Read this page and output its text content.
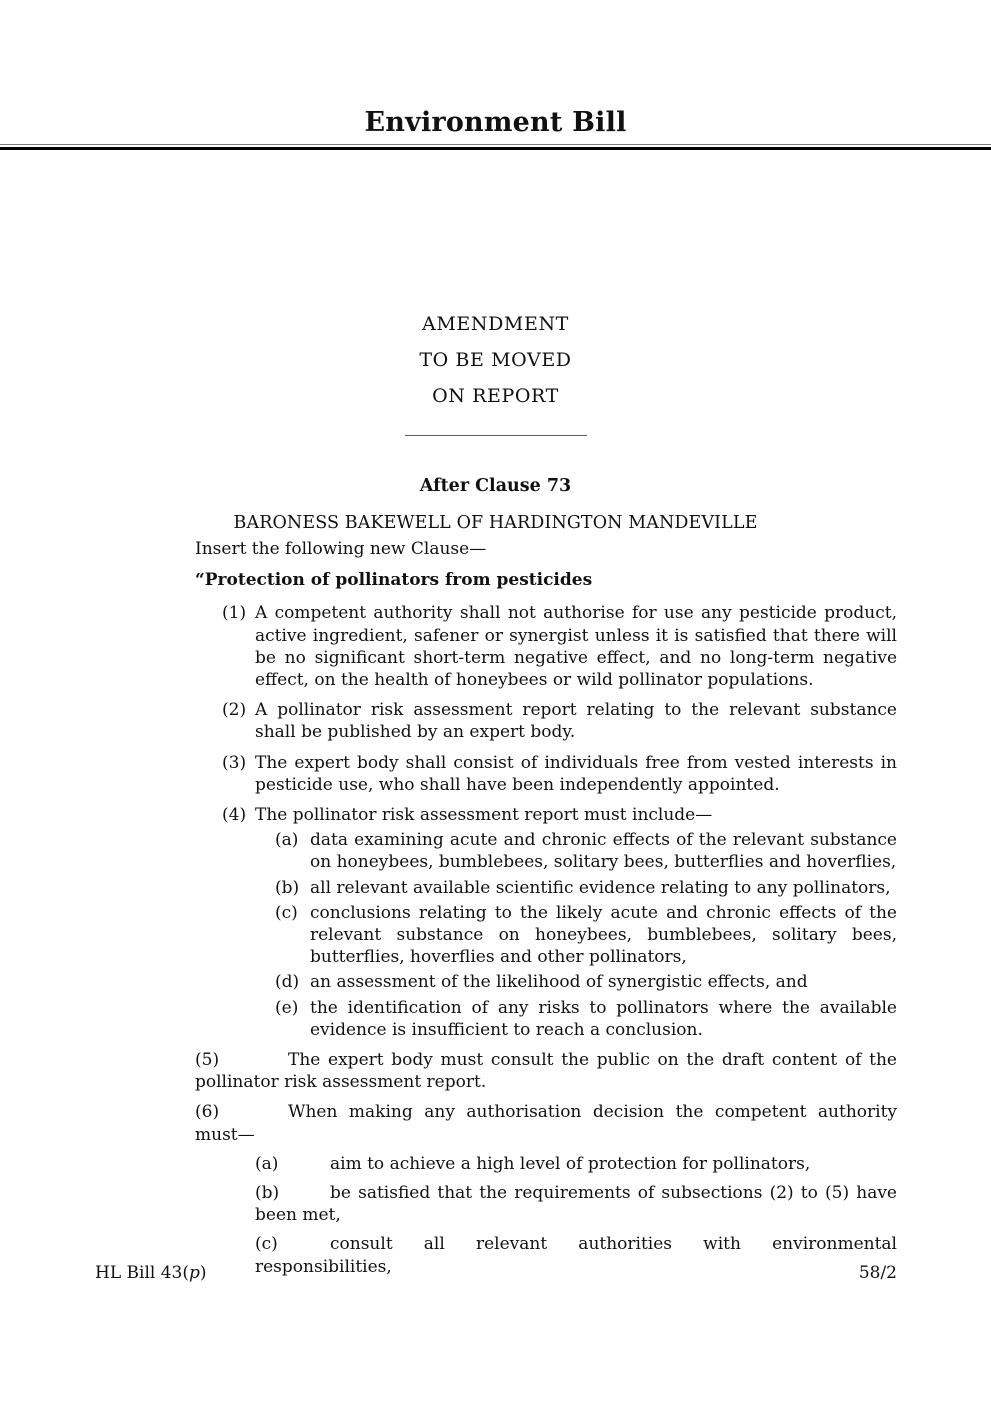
Environment Bill
AMENDMENT
TO BE MOVED
ON REPORT
After Clause 73
BARONESS BAKEWELL OF HARDINGTON MANDEVILLE

Insert the following new Clause—

“Protection of pollinators from pesticides

(1) A competent authority shall not authorise for use any pesticide product, active ingredient, safener or synergist unless it is satisfied that there will be no significant short-term negative effect, and no long-term negative effect, on the health of honeybees or wild pollinator populations.

(2) A pollinator risk assessment report relating to the relevant substance shall be published by an expert body.

(3) The expert body shall consist of individuals free from vested interests in pesticide use, who shall have been independently appointed.

(4) The pollinator risk assessment report must include—

(a) data examining acute and chronic effects of the relevant substance on honeybees, bumblebees, solitary bees, butterflies and hoverflies,

(b) all relevant available scientific evidence relating to any pollinators,

(c) conclusions relating to the likely acute and chronic effects of the relevant substance on honeybees, bumblebees, solitary bees, butterflies, hoverflies and other pollinators,

(d) an assessment of the likelihood of synergistic effects, and

(e) the identification of any risks to pollinators where the available evidence is insufficient to reach a conclusion.

(5)	The expert body must consult the public on the draft content of the pollinator risk assessment report.

(6)	When making any authorisation decision the competent authority must—

(a)	aim to achieve a high level of protection for pollinators,

(b)	be satisfied that the requirements of subsections (2) to (5) have been met,

(c)	consult all relevant authorities with environmental responsibilities,

HL Bill 43(p)	58/2
